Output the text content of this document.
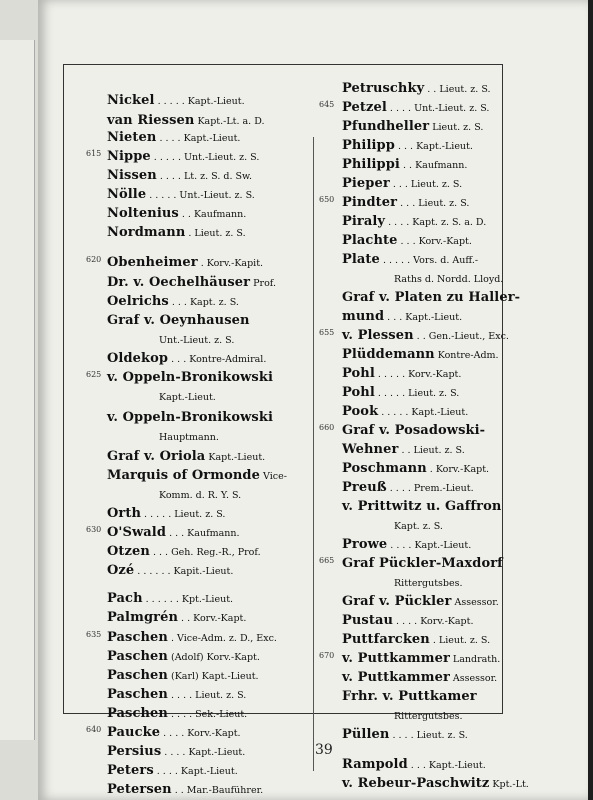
Nickel . . . . . Kapt.-Lieut.
van Riessen Kapt.-Lt. a. D.
Nieten . . . . Kapt.-Lieut.
615 Nippe . . . . . Unt.-Lieut. z. S.
Nissen . . . . Lt. z. S. d. Sw.
Nölle . . . . . Unt.-Lieut. z. S.
Noltenius . . Kaufmann.
Nordmann . Lieut. z. S.
620 Obenheimer . Korv.-Kapit.
Dr. v. Oechelhäuser Prof.
Oelrichs . . . Kapt. z. S.
Graf v. Oeynhausen
Unt.-Lieut. z. S.
Oldekop . . . Kontre-Admiral.
625 v. Oppeln-Bronikowski
Kapt.-Lieut.
v. Oppeln-Bronikowski
Hauptmann.
Graf v. Oriola Kapt.-Lieut.
Marquis of Ormonde Vice-
Komm. d. R. Y. S.
Orth . . . . . Lieut. z. S.
630 O'Swald . . . Kaufmann.
Otzen . . . Geh. Reg.-R., Prof.
Ozé . . . . . . Kapit.-Lieut.
Pach . . . . . . Kpt.-Lieut.
Palmgrén . . Korv.-Kapt.
635 Paschen . Vice-Adm. z. D., Exc.
Paschen (Adolf) Korv.-Kapt.
Paschen (Karl) Kapt.-Lieut.
Paschen . . . . Lieut. z. S.
Paschen . . . . Sek.-Lieut.
640 Paucke . . . . Korv.-Kapt.
Persius . . . . Kapt.-Lieut.
Peters . . . . Kapt.-Lieut.
Petersen . . Mar.-Bauführer.
Petruschky . . Lieut. z. S.
645 Petzel . . . . Unt.-Lieut. z. S.
Pfundheller Lieut. z. S.
Philipp . . . Kapt.-Lieut.
Philippi . . Kaufmann.
Pieper . . . Lieut. z. S.
650 Pindter . . . Lieut. z. S.
Piraly . . . . Kapt. z. S. a. D.
Plachte . . . Korv.-Kapt.
Plate . . . . . Vors. d. Auff.-
Raths d. Nordd. Lloyd.
Graf v. Platen zu Haller-
mund . . . Kapt.-Lieut.
655 v. Plessen . . Gen.-Lieut., Exc.
Plüddemann Kontre-Adm.
Pohl . . . . . Korv.-Kapt.
Pohl . . . . . Lieut. z. S.
Pook . . . . . Kapt.-Lieut.
660 Graf v. Posadowski-
Wehner . . Lieut. z. S.
Poschmann . Korv.-Kapt.
Preuß . . . . Prem.-Lieut.
v. Prittwitz u. Gaffron
Kapt. z. S.
Prowe . . . . Kapt.-Lieut.
665 Graf Pückler-Maxdorf
Rittergutsbes.
Graf v. Pückler Assessor.
Pustau . . . . Korv.-Kapt.
Puttfarcken . Lieut. z. S.
670 v. Puttkammer Landrath.
v. Puttkammer Assessor.
Frhr. v. Puttkamer
Rittergutsbes.
Püllen . . . . Lieut. z. S.
Rampold . . . Kapt.-Lieut.
v. Rebeur-Paschwitz Kpt.-Lt.
39
